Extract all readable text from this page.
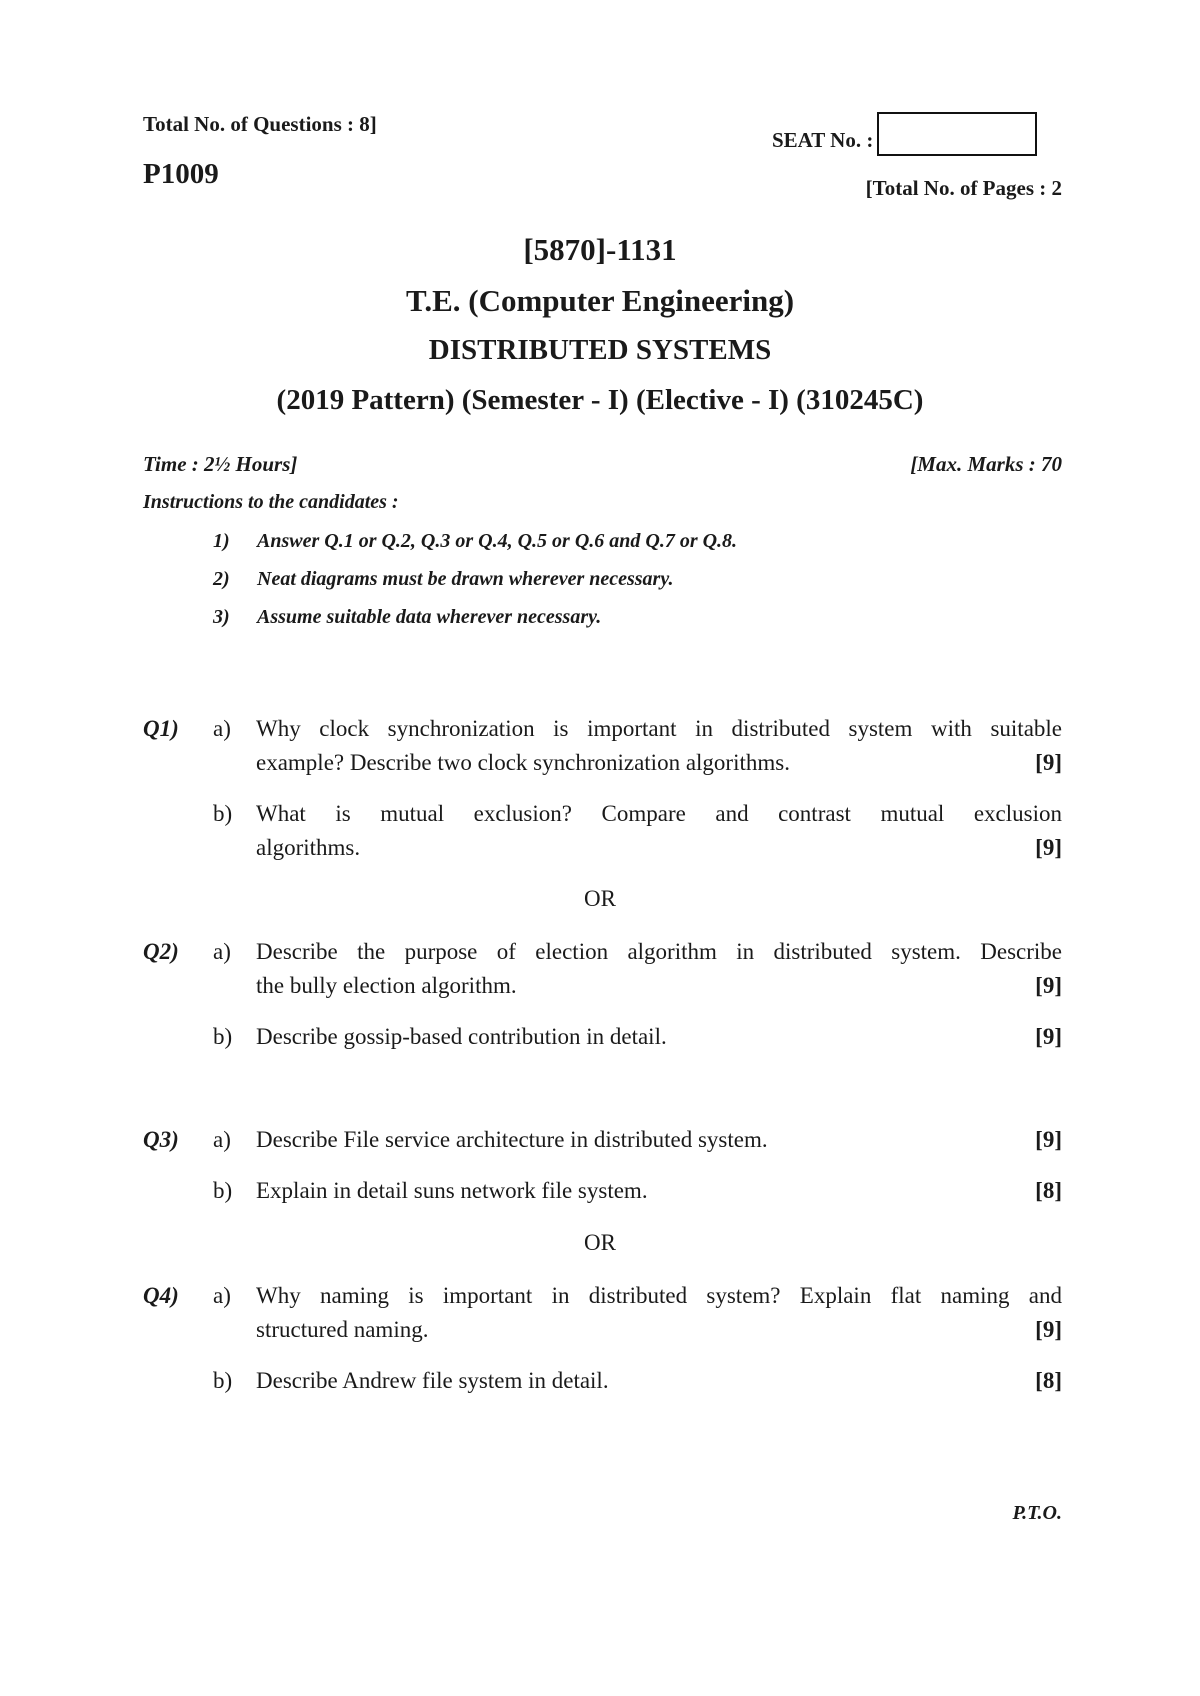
Total No. of Questions : 8]
P1009
SEAT No. :
[Total No. of Pages : 2
[5870]-1131
T.E. (Computer Engineering)
DISTRIBUTED SYSTEMS
(2019 Pattern) (Semester - I) (Elective - I) (310245C)
Time : 2½ Hours]	[Max. Marks : 70
Instructions to the candidates :
1)	Answer Q.1 or Q.2, Q.3 or Q.4, Q.5 or Q.6 and Q.7 or Q.8.
2)	Neat diagrams must be drawn wherever necessary.
3)	Assume suitable data wherever necessary.
Q1) a) Why clock synchronization is important in distributed system with suitable
example? Describe two clock synchronization algorithms.	[9]
b) What is mutual exclusion? Compare and contrast mutual exclusion
algorithms.	[9]
OR
Q2) a) Describe the purpose of election algorithm in distributed system. Describe
the bully election algorithm.	[9]
b) Describe gossip-based contribution in detail.	[9]
Q3) a) Describe File service architecture in distributed system.	[9]
b) Explain in detail suns network file system.	[8]
OR
Q4) a) Why naming is important in distributed system? Explain flat naming and
structured naming.	[9]
b) Describe Andrew file system in detail.	[8]
P.T.O.
